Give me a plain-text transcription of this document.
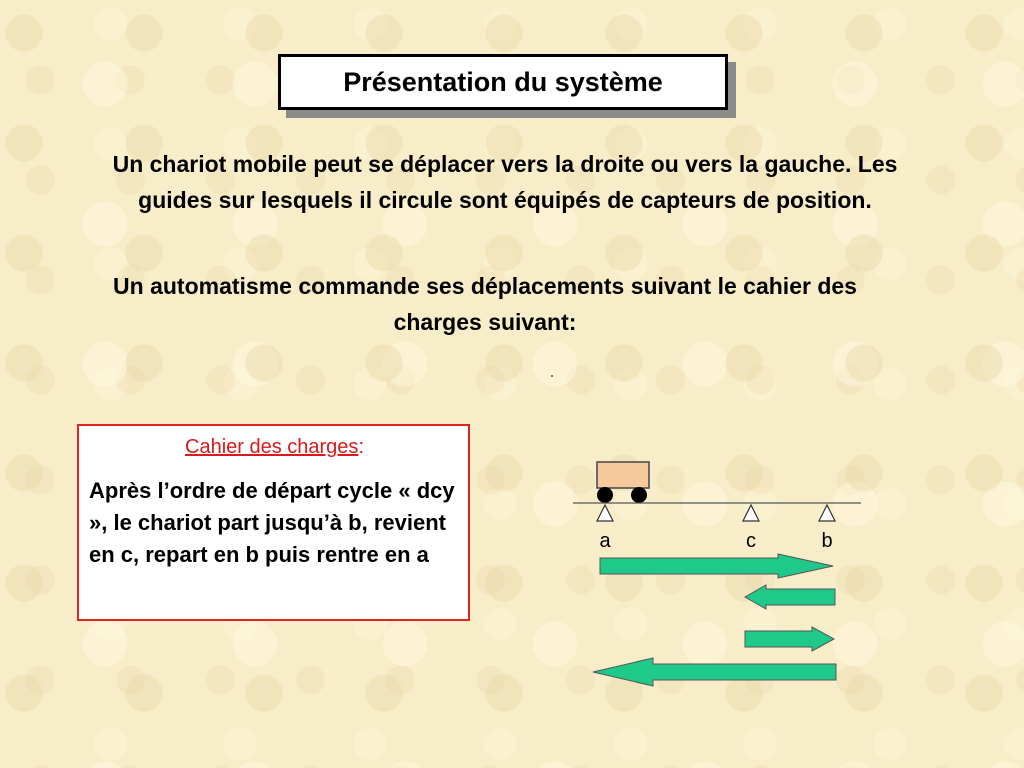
Présentation du système

Un chariot mobile peut se déplacer vers la droite ou vers la gauche. Les guides sur lesquels il circule sont équipés de capteurs de position.

Un automatisme commande ses déplacements suivant le cahier des charges suivant:

Cahier des charges:
Après l’ordre de départ cycle « dcy », le chariot part jusqu’à b, revient en c, repart en b puis rentre en a
a	c	b
